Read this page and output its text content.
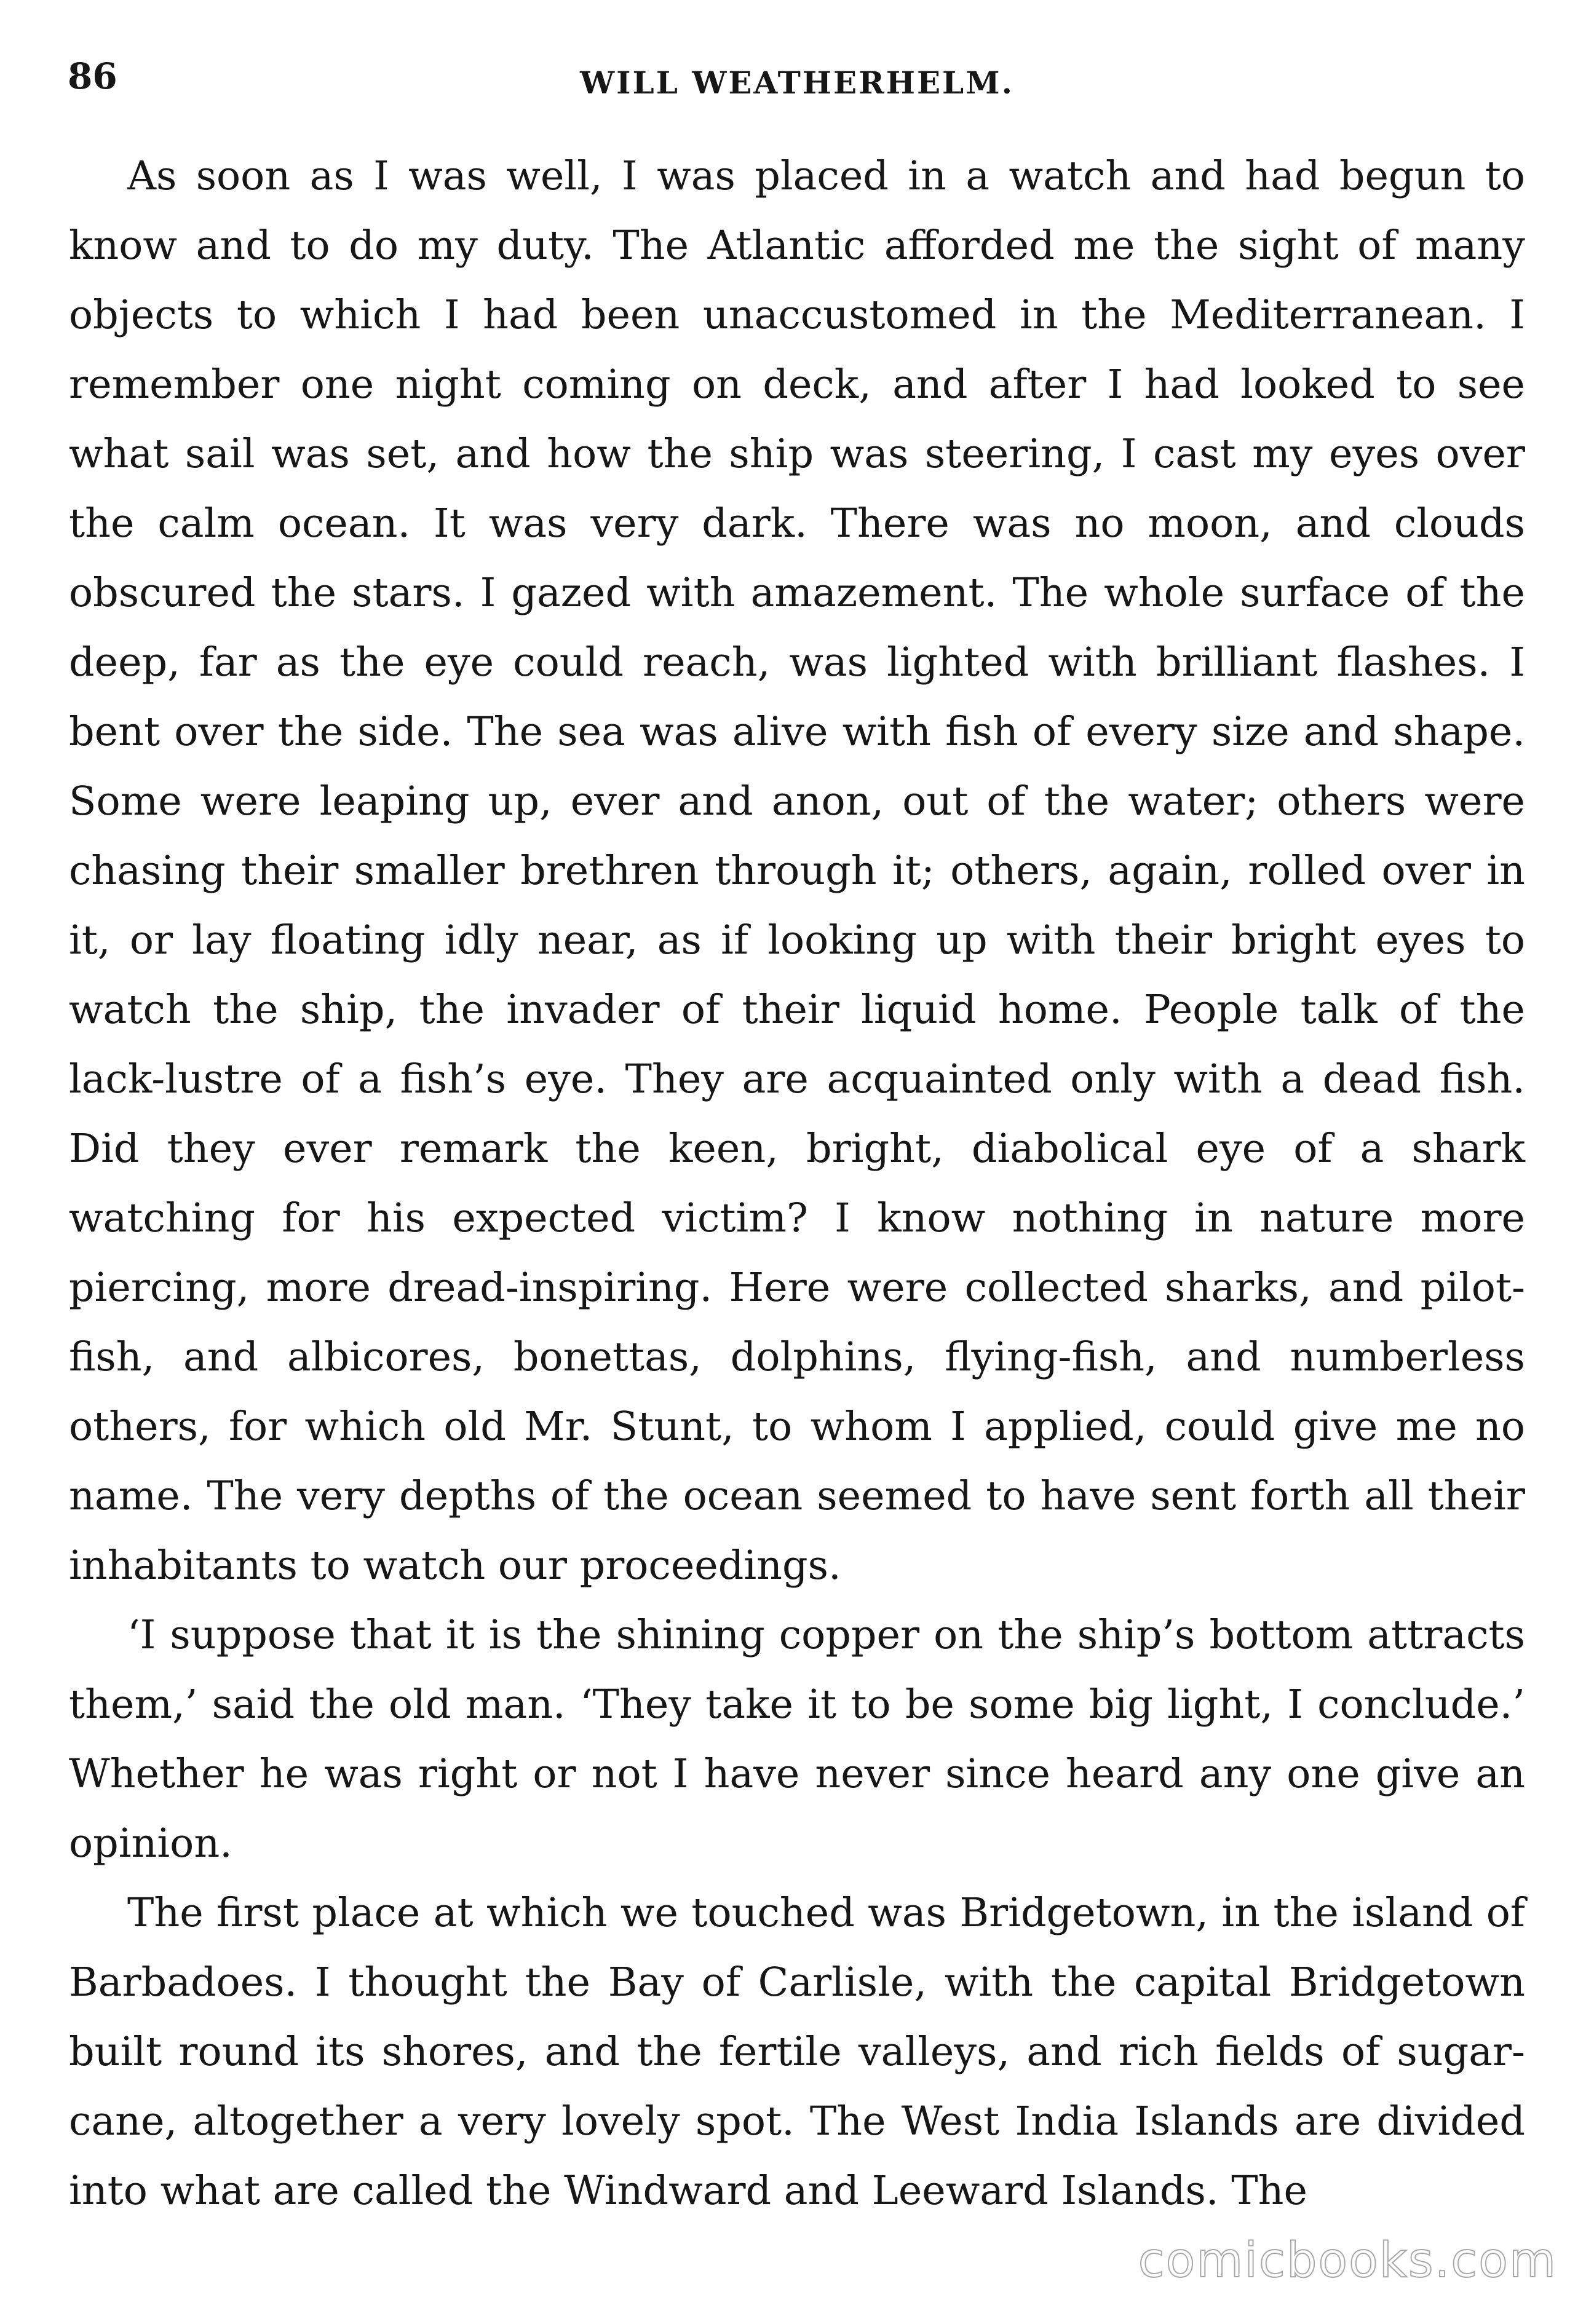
86	WILL WEATHERHELM.

As soon as I was well, I was placed in a watch and had begun to know and to do my duty. The Atlantic afforded me the sight of many objects to which I had been unaccustomed in the Mediterranean. I remember one night coming on deck, and after I had looked to see what sail was set, and how the ship was steering, I cast my eyes over the calm ocean. It was very dark. There was no moon, and clouds obscured the stars. I gazed with amazement. The whole surface of the deep, far as the eye could reach, was lighted with brilliant flashes. I bent over the side. The sea was alive with fish of every size and shape. Some were leaping up, ever and anon, out of the water; others were chasing their smaller brethren through it; others, again, rolled over in it, or lay floating idly near, as if looking up with their bright eyes to watch the ship, the invader of their liquid home. People talk of the lack-lustre of a fish’s eye. They are acquainted only with a dead fish. Did they ever remark the keen, bright, diabolical eye of a shark watching for his expected victim? I know nothing in nature more piercing, more dread-inspiring. Here were collected sharks, and pilot-fish, and albicores, bonettas, dolphins, flying-fish, and numberless others, for which old Mr. Stunt, to whom I applied, could give me no name. The very depths of the ocean seemed to have sent forth all their inhabitants to watch our proceedings.

‘I suppose that it is the shining copper on the ship’s bottom attracts them,’ said the old man. ‘They take it to be some big light, I conclude.’ Whether he was right or not I have never since heard any one give an opinion.

The first place at which we touched was Bridgetown, in the island of Barbadoes. I thought the Bay of Carlisle, with the capital Bridgetown built round its shores, and the fertile valleys, and rich fields of sugar-cane, altogether a very lovely spot. The West India Islands are divided into what are called the Windward and Leeward Islands. The

comicbooks.com
